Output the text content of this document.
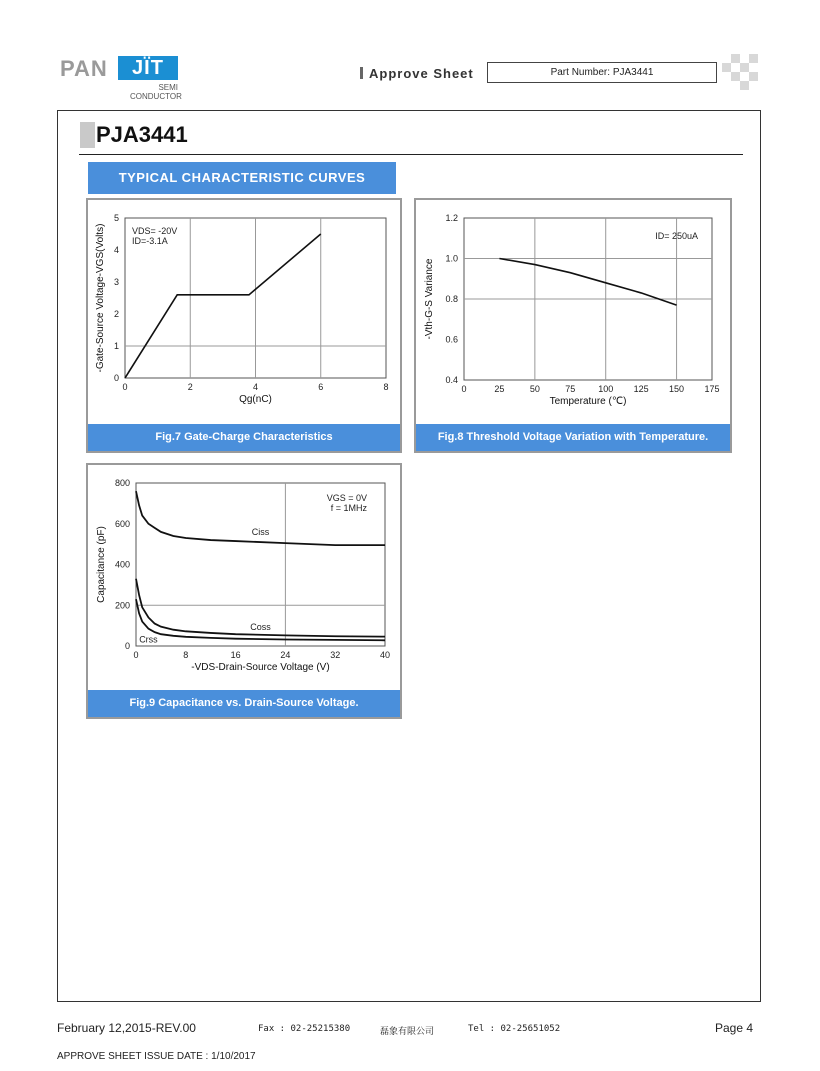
PAN	JÏT
SEMI
CONDUCTOR
Approve Sheet	Part Number: PJA3441
PJA3441
TYPICAL CHARACTERISTIC CURVES
0	2	4	6	8
0
1
2
3
4
5
Qg(nC)
-Gate-Source Voltage-VGS(Volts)	VDS= -20V
ID=-3.1A
Fig.7 Gate-Charge Characteristics
0	25	50	75	100 125 150 175
0.4
0.6
0.8
1.0
1.2
Temperature (℃)
-Vth-G-S Variance
ID= 250uA
Fig.8 Threshold Voltage Variation with Temperature.
0	8	16	24	32	40
0
200
400
600
800
-VDS-Drain-Source Voltage (V)
Capacitance (pF)
VGS = 0V
f = 1MHz
Ciss
Coss
Crss
Fig.9 Capacitance vs. Drain-Source Voltage.
February 12,2015-REV.00	Fax : 02-25215380	磊象有限公司	Tel : 02-25651052	Page 4
APPROVE SHEET ISSUE DATE : 1/10/2017
